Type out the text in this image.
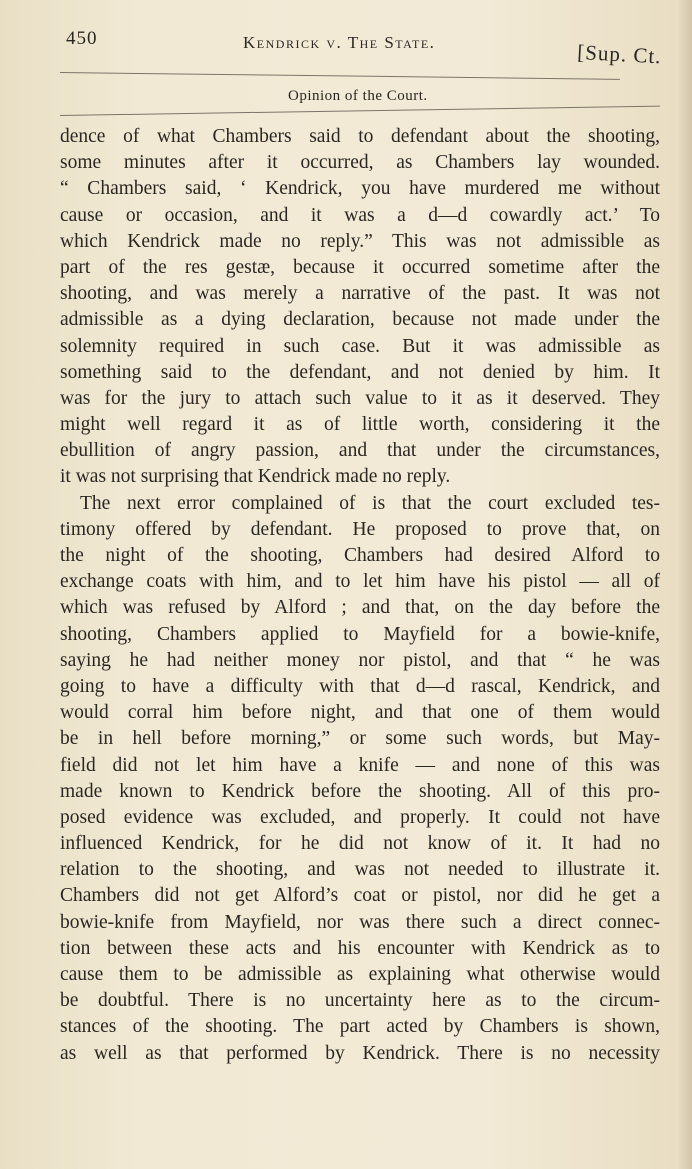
450	Kendrick v. The State.	[Sup. Ct.
Opinion of the Court.
dence of what Chambers said to defendant about the shooting,
some minutes after it occurred, as Chambers lay wounded.
“ Chambers said, ‘ Kendrick, you have murdered me without
cause or occasion, and it was a d—d cowardly act.’ To
which Kendrick made no reply.” This was not admissible as
part of the res gestæ, because it occurred sometime after the
shooting, and was merely a narrative of the past. It was not
admissible as a dying declaration, because not made under the
solemnity required in such case. But it was admissible as
something said to the defendant, and not denied by him. It
was for the jury to attach such value to it as it deserved. They
might well regard it as of little worth, considering it the
ebullition of angry passion, and that under the circumstances,
it was not surprising that Kendrick made no reply.
The next error complained of is that the court excluded tes-
timony offered by defendant. He proposed to prove that, on
the night of the shooting, Chambers had desired Alford to
exchange coats with him, and to let him have his pistol — all of
which was refused by Alford ; and that, on the day before the
shooting, Chambers applied to Mayfield for a bowie-knife,
saying he had neither money nor pistol, and that “ he was
going to have a difficulty with that d—d rascal, Kendrick, and
would corral him before night, and that one of them would
be in hell before morning,” or some such words, but May-
field did not let him have a knife — and none of this was
made known to Kendrick before the shooting. All of this pro-
posed evidence was excluded, and properly. It could not have
influenced Kendrick, for he did not know of it. It had no
relation to the shooting, and was not needed to illustrate it.
Chambers did not get Alford’s coat or pistol, nor did he get a
bowie-knife from Mayfield, nor was there such a direct connec-
tion between these acts and his encounter with Kendrick as to
cause them to be admissible as explaining what otherwise would
be doubtful. There is no uncertainty here as to the circum-
stances of the shooting. The part acted by Chambers is shown,
as well as that performed by Kendrick. There is no necessity
